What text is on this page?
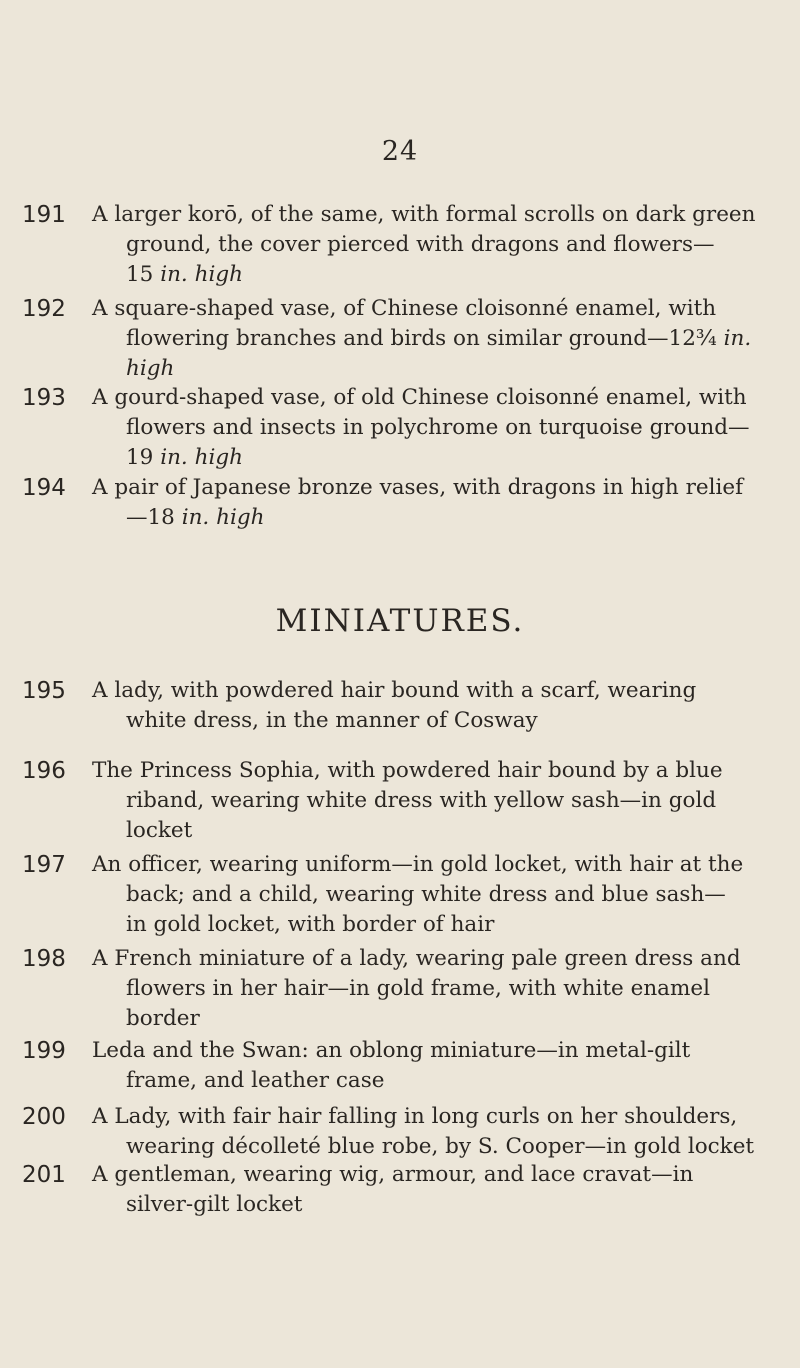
24
191 A larger korō, of the same, with formal scrolls on dark green
ground, the cover pierced with dragons and flowers—
15 in. high
192 A square-shaped vase, of Chinese cloisonné enamel, with
flowering branches and birds on similar ground—12¾ in.
high
193 A gourd-shaped vase, of old Chinese cloisonné enamel, with
flowers and insects in polychrome on turquoise ground—
19 in. high
194 A pair of Japanese bronze vases, with dragons in high relief
—18 in. high
MINIATURES.
195 A lady, with powdered hair bound with a scarf, wearing
white dress, in the manner of Cosway
196 The Princess Sophia, with powdered hair bound by a blue
riband, wearing white dress with yellow sash—in gold
locket
197 An officer, wearing uniform—in gold locket, with hair at the
back; and a child, wearing white dress and blue sash—
in gold locket, with border of hair
198 A French miniature of a lady, wearing pale green dress and
flowers in her hair—in gold frame, with white enamel
border
199 Leda and the Swan: an oblong miniature—in metal-gilt
frame, and leather case
200 A Lady, with fair hair falling in long curls on her shoulders,
wearing décolleté blue robe, by S. Cooper—in gold locket
201 A gentleman, wearing wig, armour, and lace cravat—in
silver-gilt locket
